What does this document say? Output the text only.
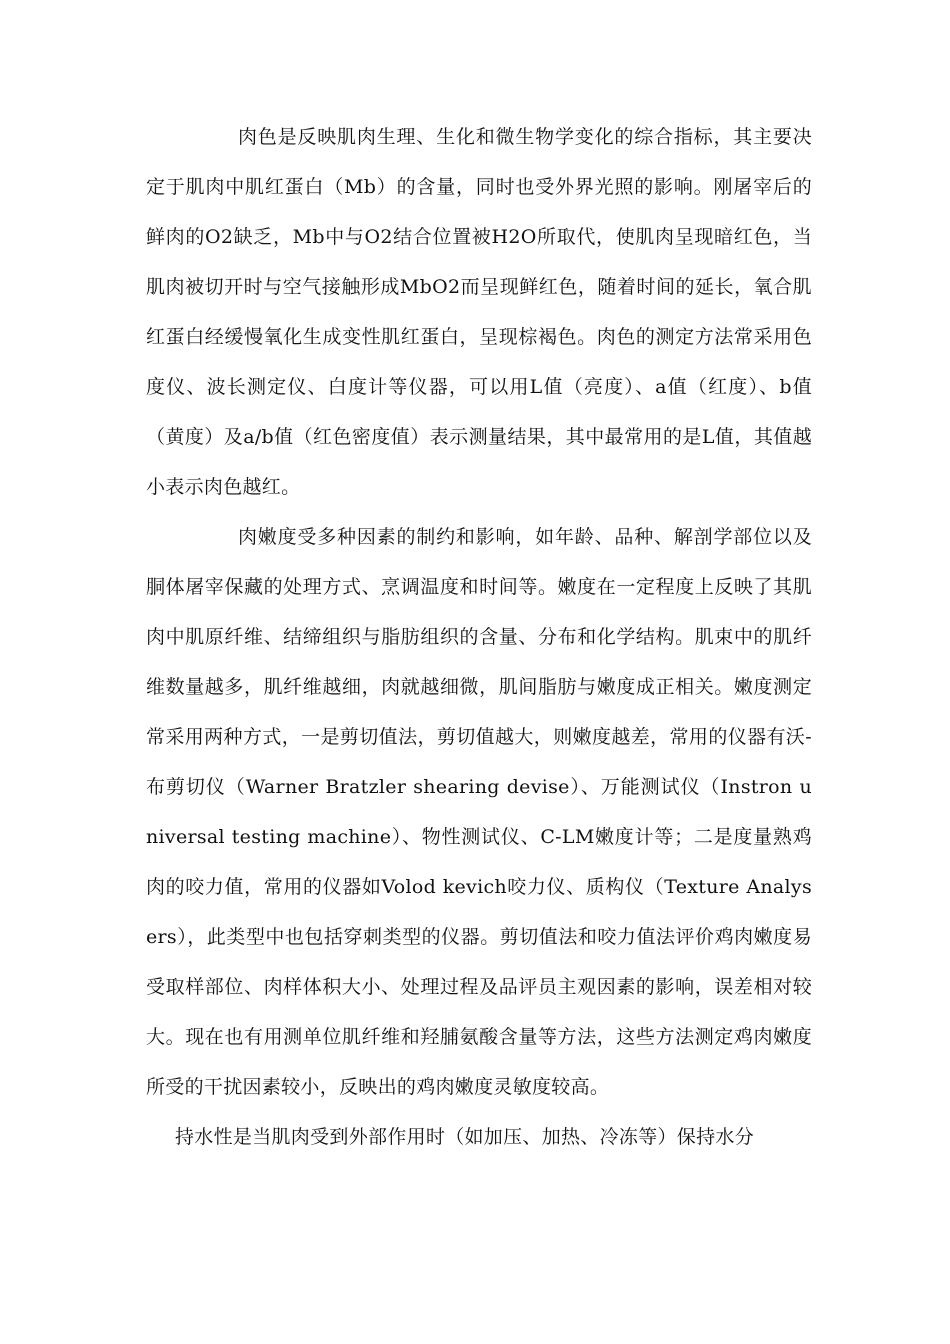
肉色是反映肌肉生理、生化和微生物学变化的综合指标，其主要决定于肌肉中肌红蛋白（Mb）的含量，同时也受外界光照的影响。刚屠宰后的鲜肉的O2缺乏，Mb中与O2结合位置被H2O所取代，使肌肉呈现暗红色，当肌肉被切开时与空气接触形成MbO2而呈现鲜红色，随着时间的延长，氧合肌红蛋白经缓慢氧化生成变性肌红蛋白，呈现棕褐色。肉色的测定方法常采用色度仪、波长测定仪、白度计等仪器，可以用L值（亮度）、a值（红度）、b值（黄度）及a/b值（红色密度值）表示测量结果，其中最常用的是L值，其值越小表示肉色越红。

肉嫩度受多种因素的制约和影响，如年龄、品种、解剖学部位以及胴体屠宰保藏的处理方式、烹调温度和时间等。嫩度在一定程度上反映了其肌肉中肌原纤维、结缔组织与脂肪组织的含量、分布和化学结构。肌束中的肌纤维数量越多，肌纤维越细，肉就越细微，肌间脂肪与嫩度成正相关。嫩度测定常采用两种方式，一是剪切值法，剪切值越大，则嫩度越差，常用的仪器有沃-布剪切仪（Warner Bratzler shearing devise）、万能测试仪（Instron universal testing machine）、物性测试仪、C-LM嫩度计等；二是度量熟鸡肉的咬力值，常用的仪器如Volod kevich咬力仪、质构仪（Texture Analysers），此类型中也包括穿刺类型的仪器。剪切值法和咬力值法评价鸡肉嫩度易受取样部位、肉样体积大小、处理过程及品评员主观因素的影响，误差相对较大。现在也有用测单位肌纤维和羟脯氨酸含量等方法，这些方法测定鸡肉嫩度所受的干扰因素较小，反映出的鸡肉嫩度灵敏度较高。

持水性是当肌肉受到外部作用时（如加压、加热、冷冻等）保持水分
